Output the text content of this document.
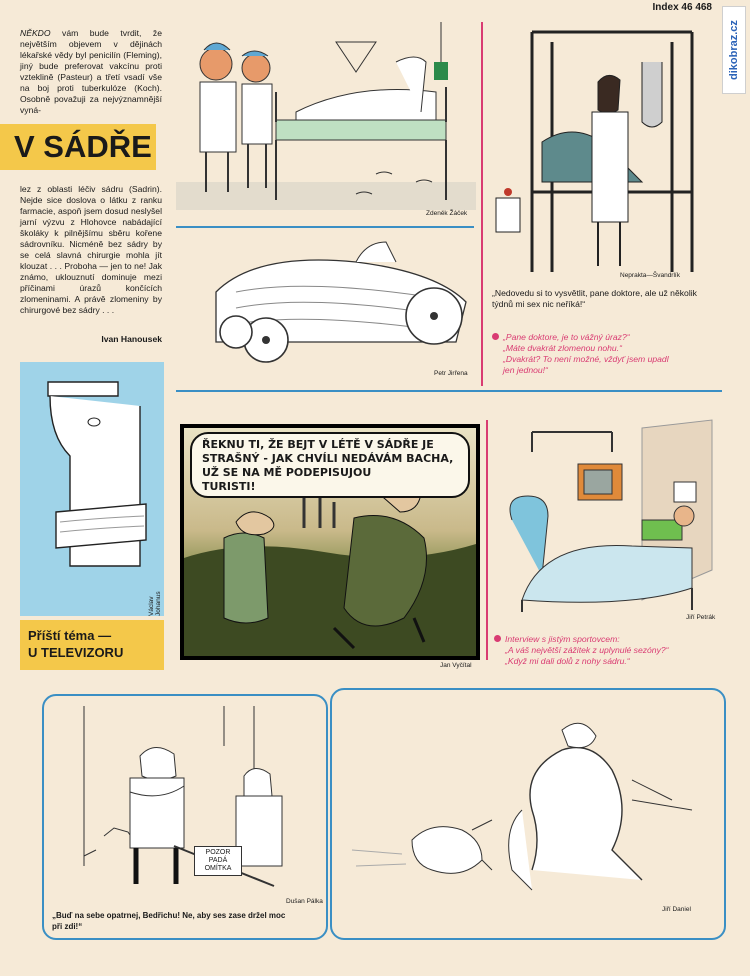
Index 46 468
dikobraz.cz
NĚKDO vám bude tvrdit, že největším objevem v dějinách lékařské vědy byl penicilín (Fleming), jiný bude preferovat vakcínu proti vzteklině (Pasteur) a třetí vsadí vše na boj proti tuberkulóze (Koch). Osobně považuji za nejvýznamnější vyná-
V SÁDŘE
lez z oblasti léčiv sádru (Sadrin). Nejde sice doslova o látku z ranku farmacie, aspoň jsem dosud neslyšel jarní výzvu z Hlohovce nabádající školáky k pilnějšímu sběru kořene sádrovníku. Nicméně bez sádry by se celá slavná chirurgie mohla jít klouzat . . . Proboha — jen to ne! Jak známo, uklouznutí dominuje mezi příčinami úrazů končících zlomeninami. A právě zlomeniny by chirurgové bez sádry . . .
Ivan Hanousek
Václav Johanus
Příští téma —
U TELEVIZORU
Zdeněk Žáček
Petr Jirřena
Neprakta—Švandrlík
„Nedovedu si to vysvětlit, pane doktore, ale už několik týdnů mi sex nic neříká!“
„Pane doktore, je to vážný úraz?“
„Máte dvakrát zlomenou nohu.“
„Dvakrát? To není možné, vždyť jsem upadl
jen jednou!“
ŘEKNU TI, ŽE BEJT V LÉTĚ V SÁDŘE JE
STRAŠNÝ - JAK CHVÍLI NEDÁVÁM BACHA,
UŽ SE NA MĚ PODEPISUJOU
TURISTI!
Jan Vyčítal
Jiří Petrák
Interview s jistým sportovcem:
„A váš největší zážitek z uplynulé sezóny?“
„Když mi dali dolů z nohy sádru.“
POZOR
PADÁ
OMÍTKA
Dušan Pálka
„Buď na sebe opatrnej, Bedřichu! Ne, aby ses zase držel moc
při zdi!“
Jiří Daniel
